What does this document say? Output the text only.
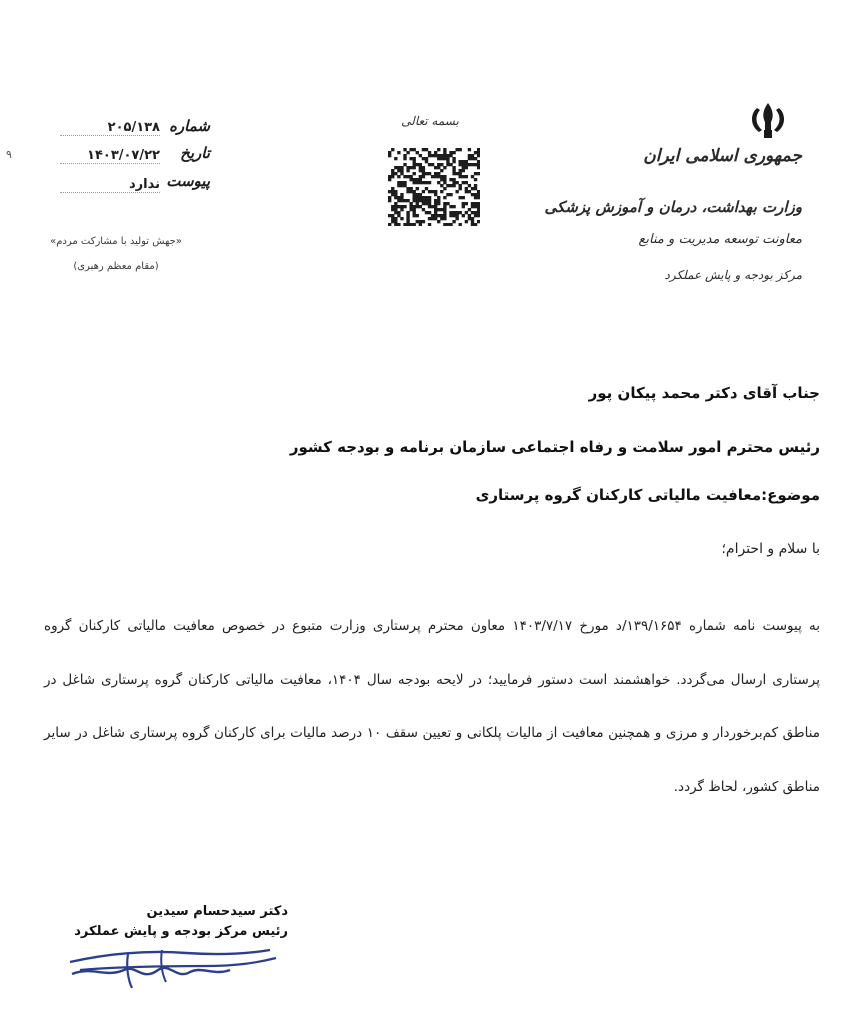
جمهوری اسلامی ایران
وزارت بهداشت، درمان و آموزش پزشکی
معاونت توسعه مدیریت و منابع
مرکز بودجه و پایش عملکرد
بسمه تعالی
۹
شماره
۲۰۵/۱۳۸
تاریخ
۱۴۰۳/۰۷/۲۲
پیوست
ندارد
«جهش تولید با مشارکت مردم»
(مقام معظم رهبری)
جناب آقای دکتر محمد پیکان پور
رئیس محترم امور سلامت و رفاه اجتماعی سازمان برنامه و بودجه کشور
موضوع:معافیت مالیاتی کارکنان گروه پرستاری
با سلام و احترام؛
به پیوست نامه شماره ۱۳۹/۱۶۵۴/د مورخ ۱۴۰۳/۷/۱۷ معاون محترم پرستاری وزارت متبوع در خصوص معافیت مالیاتی کارکنان گروه پرستاری ارسال می‌گردد. خواهشمند است دستور فرمایید؛ در لایحه بودجه سال ۱۴۰۴، معافیت مالیاتی کارکنان گروه پرستاری شاغل در مناطق کم‌برخوردار و مرزی و همچنین معافیت از مالیات پلکانی و تعیین سقف ۱۰ درصد مالیات برای کارکنان گروه پرستاری شاغل در سایر مناطق کشور، لحاظ گردد.
دکتر سیدحسام سیدین
رئیس مرکز بودجه و پایش عملکرد
